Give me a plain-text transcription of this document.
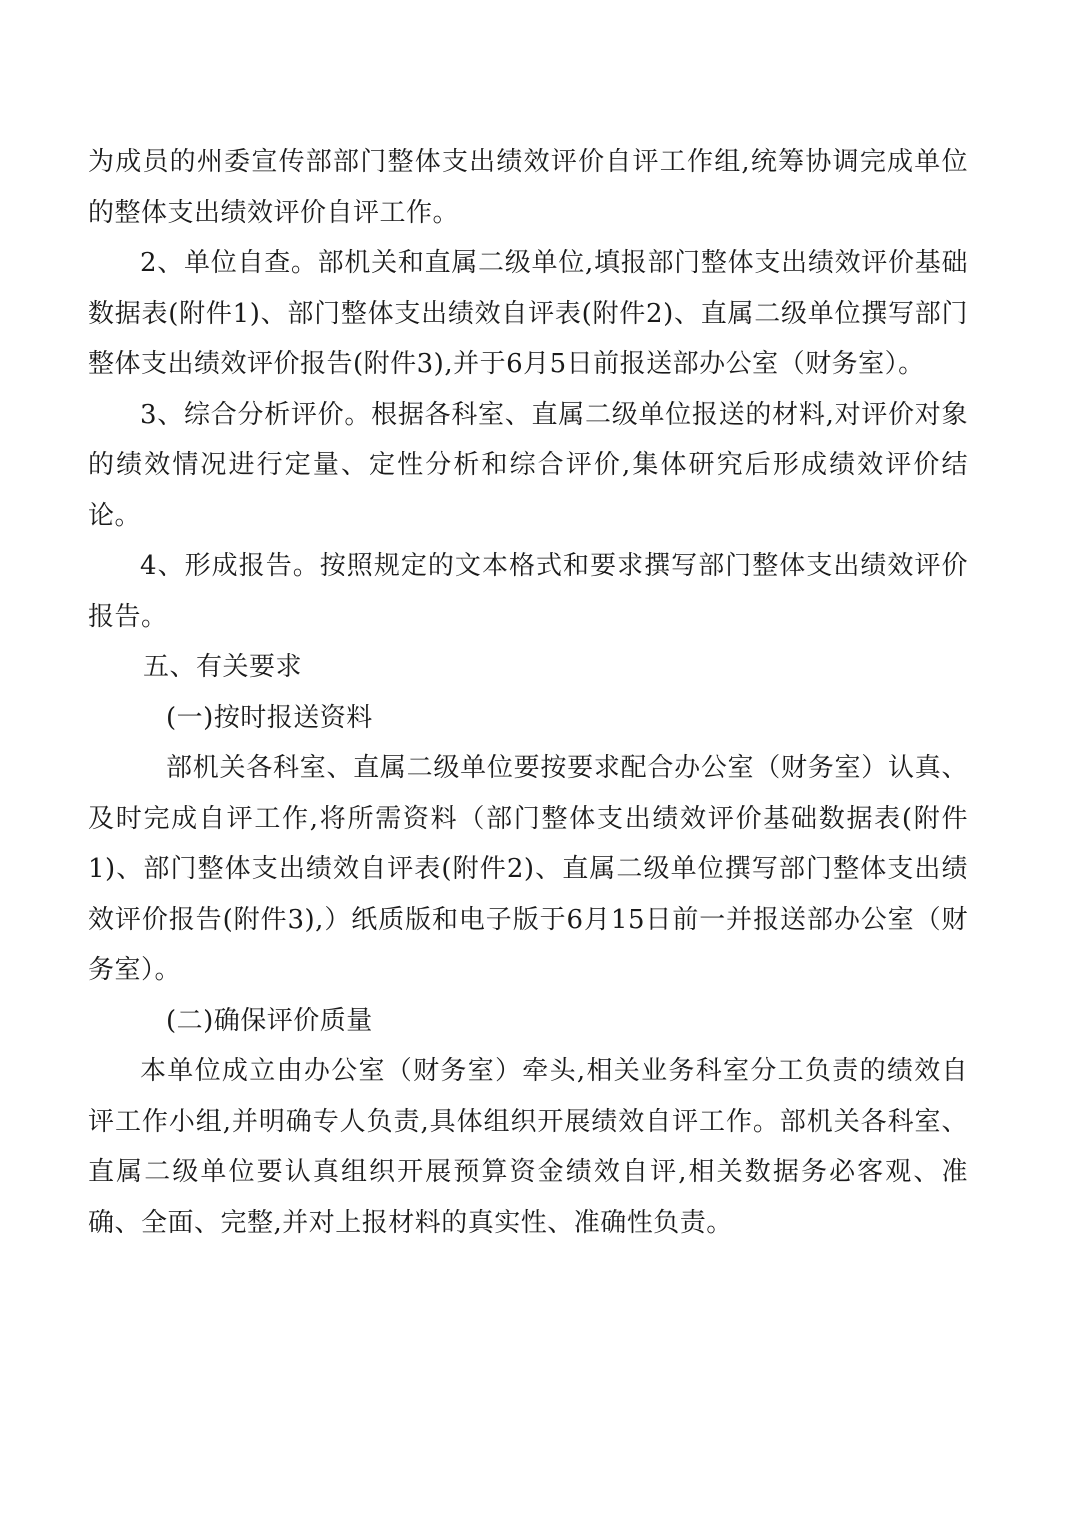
为成员的州委宣传部部门整体支出绩效评价自评工作组,统筹协调完成单位的整体支出绩效评价自评工作。

2、单位自查。部机关和直属二级单位,填报部门整体支出绩效评价基础数据表(附件1)、部门整体支出绩效自评表(附件2)、直属二级单位撰写部门整体支出绩效评价报告(附件3),并于6月5日前报送部办公室（财务室）。

3、综合分析评价。根据各科室、直属二级单位报送的材料,对评价对象的绩效情况进行定量、定性分析和综合评价,集体研究后形成绩效评价结论。

4、形成报告。按照规定的文本格式和要求撰写部门整体支出绩效评价报告。

五、有关要求

(一)按时报送资料

部机关各科室、直属二级单位要按要求配合办公室（财务室）认真、及时完成自评工作,将所需资料（部门整体支出绩效评价基础数据表(附件1)、部门整体支出绩效自评表(附件2)、直属二级单位撰写部门整体支出绩效评价报告(附件3),）纸质版和电子版于6月15日前一并报送部办公室（财务室）。

(二)确保评价质量

本单位成立由办公室（财务室）牵头,相关业务科室分工负责的绩效自评工作小组,并明确专人负责,具体组织开展绩效自评工作。部机关各科室、直属二级单位要认真组织开展预算资金绩效自评,相关数据务必客观、准确、全面、完整,并对上报材料的真实性、准确性负责。
